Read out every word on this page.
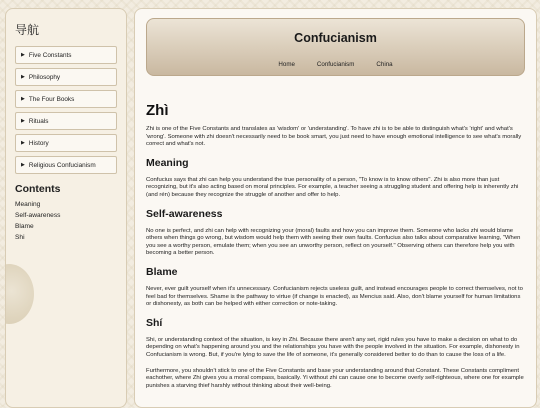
导航
▶ Five Constants
▶ Philosophy
▶ The Four Books
▶ Rituals
▶ History
▶ Religious Confucianism
Contents
Meaning
Self-awareness
Blame
Shi
Confucianism
Home	Confucianism	China
Zhì

Zhi is one of the Five Constants and translates as 'wisdom' or 'understanding'. To have zhi is to be able to distinguish what's 'right' and what's 'wrong'. Someone with zhi doesn't necessarily need to be book smart, you just need to have enough emotional intelligence to see what's morally correct and what's not.

Meaning

Confucius says that zhi can help you understand the true personality of a person, "To know is to know others". Zhi is also more than just recognizing, but it's also acting based on moral principles. For example, a teacher seeing a struggling student and offering help is inherently zhi (and rén) because they recognize the struggle of another and offer to help.

Self-awareness

No one is perfect, and zhi can help with recognizing your (moral) faults and how you can improve them. Someone who lacks zhi would blame others when things go wrong, but wisdom would help them with seeing their own faults. Confucius also talks about comparative learning, "When you see a worthy person, emulate them; when you see an unworthy person, reflect on yourself." Observing others can therefore help you with becoming a better person.

Blame

Never, ever guilt yourself when it's unnecessary. Confucianism rejects useless guilt, and instead encourages people to correct themselves, not to feel bad for themselves. Shame is the pathway to virtue (if change is enacted), as Mencius said. Also, don't blame yourself for human limitations or dishonesty, as both can be helped with either correction or note-taking.

Shí

Shi, or understanding context of the situation, is key in Zhi. Because there aren't any set, rigid rules you have to make a decision on what to do depending on what's happening around you and the relationships you have with the people involved in the situation. For example, dishonesty in Confucianism is wrong. But, if you're lying to save the life of someone, it's generally considered better to do than to cause the loss of a life.

Furthermore, you shouldn't stick to one of the Five Constants and base your understanding around that Constant. These Constants compliment eachother, where Zhi gives you a moral compass, basically. Yi without zhi can cause one to become overly self-righteous, where one for example punishes a starving thief harshly without thinking about their well-being.
